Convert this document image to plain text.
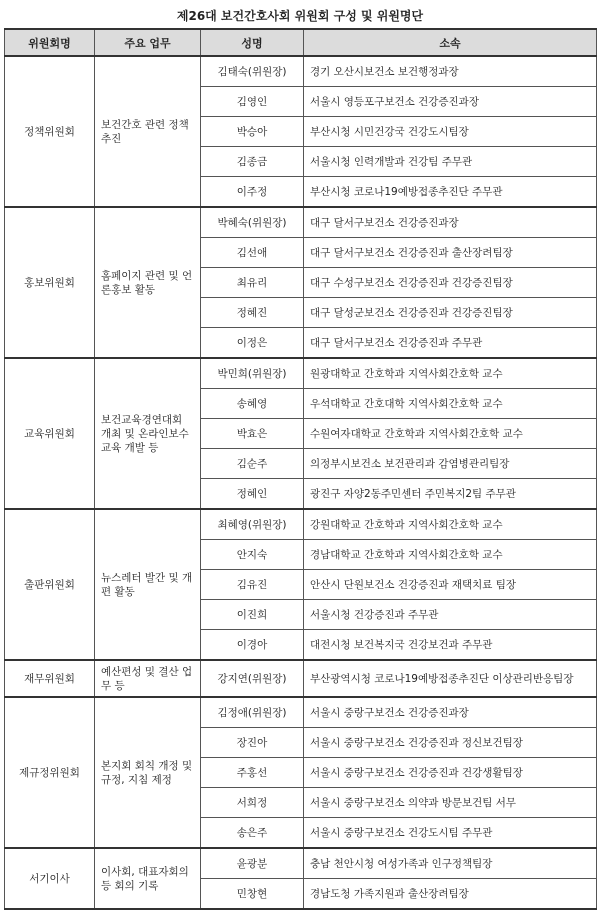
제26대 보건간호사회 위원회 구성 및 위원명단
위원회명	주요 업무	성명	소속
정책위원회	보건간호 관련 정책 추진	김태숙(위원장)	경기 오산시보건소 보건행정과장
		김영인	서울시 영등포구보건소 건강증진과장
		박승아	부산시청 시민건강국 건강도시팀장
		김종금	서울시청 인력개발과 건강팀 주무관
		이주정	부산시청 코로나19예방접종추진단 주무관
홍보위원회	홈페이지 관련 및 언론홍보 활동	박혜숙(위원장)	대구 달서구보건소 건강증진과장
		김선애	대구 달서구보건소 건강증진과 출산장려팀장
		최유리	대구 수성구보건소 건강증진과 건강증진팀장
		정혜진	대구 달성군보건소 건강증진과 건강증진팀장
		이정은	대구 달서구보건소 건강증진과 주무관
교육위원회	보건교육경연대회 개최 및 온라인보수교육 개발 등	박민희(위원장)	원광대학교 간호학과 지역사회간호학 교수
		송혜영	우석대학교 간호대학 지역사회간호학 교수
		박효은	수원여자대학교 간호학과 지역사회간호학 교수
		김순주	의정부시보건소 보건관리과 감염병관리팀장
		정혜인	광진구 자양2동주민센터 주민복지2팀 주무관
출판위원회	뉴스레터 발간 및 개편 활동	최혜영(위원장)	강원대학교 간호학과 지역사회간호학 교수
		안지숙	경남대학교 간호학과 지역사회간호학 교수
		김유진	안산시 단원보건소 건강증진과 재택치료 팀장
		이진희	서울시청 건강증진과 주무관
		이경아	대전시청 보건복지국 건강보건과 주무관
재무위원회	예산편성 및 결산 업무 등	강지연(위원장)	부산광역시청 코로나19예방접종추진단 이상관리반응팀장
제규정위원회	본지회 회칙 개정 및 규정, 지침 제정	김정애(위원장)	서울시 중랑구보건소 건강증진과장
		장진아	서울시 중랑구보건소 건강증진과 정신보건팀장
		주홍선	서울시 중랑구보건소 건강증진과 건강생활팀장
		서희정	서울시 중랑구보건소 의약과 방문보건팀 서무
		송은주	서울시 중랑구보건소 건강도시팀 주무관
서기이사	이사회, 대표자회의 등 회의 기록	윤광분	충남 천안시청 여성가족과 인구정책팀장
		민창현	경남도청 가족지원과 출산장려팀장
